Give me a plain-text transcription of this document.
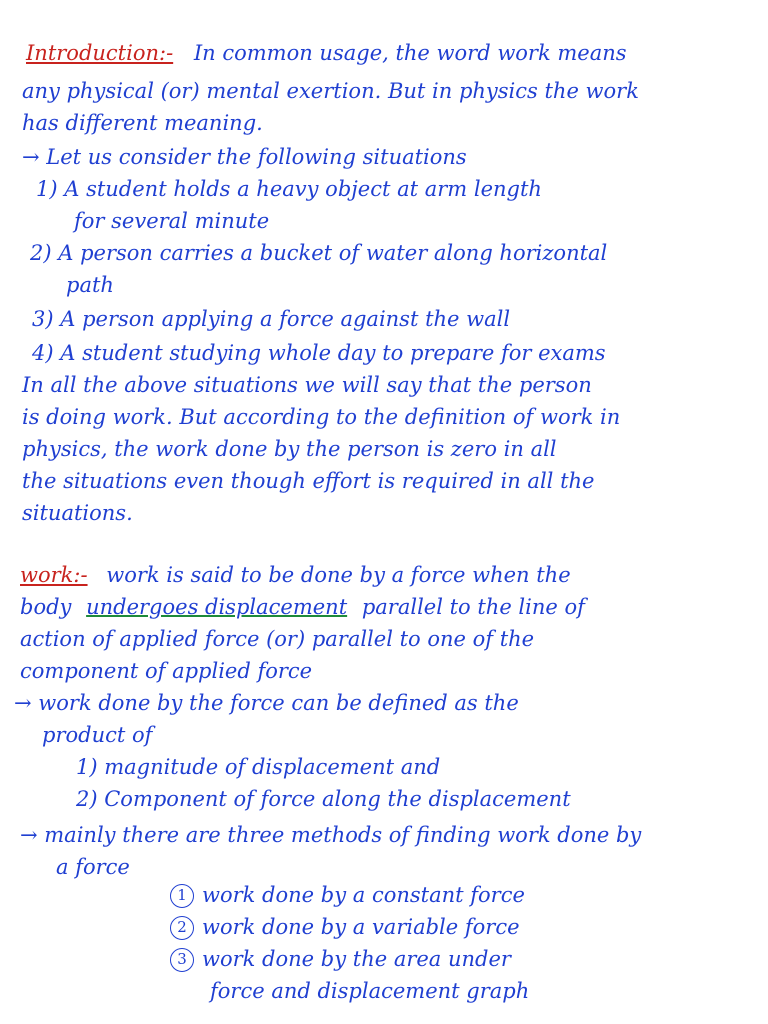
Introduction:- In common usage, the word work means
any physical (or) mental exertion. But in physics the work
has different meaning.
→ Let us consider the following situations
1) A student holds a heavy object at arm length
for several minute
2) A person carries a bucket of water along horizontal
path
3) A person applying a force against the wall
4) A student studying whole day to prepare for exams
In all the above situations we will say that the person
is doing work. But according to the definition of work in
physics, the work done by the person is zero in all
the situations even though effort is required in all the
situations.
work:- work is said to be done by a force when the
body undergoes displacement parallel to the line of
action of applied force (or) parallel to one of the
component of applied force
→ work done by the force can be defined as the
product of
1) magnitude of displacement and
2) Component of force along the displacement
→ mainly there are three methods of finding work done by
a force
1 work done by a constant force
2 work done by a variable force
3 work done by the area under
force and displacement graph
